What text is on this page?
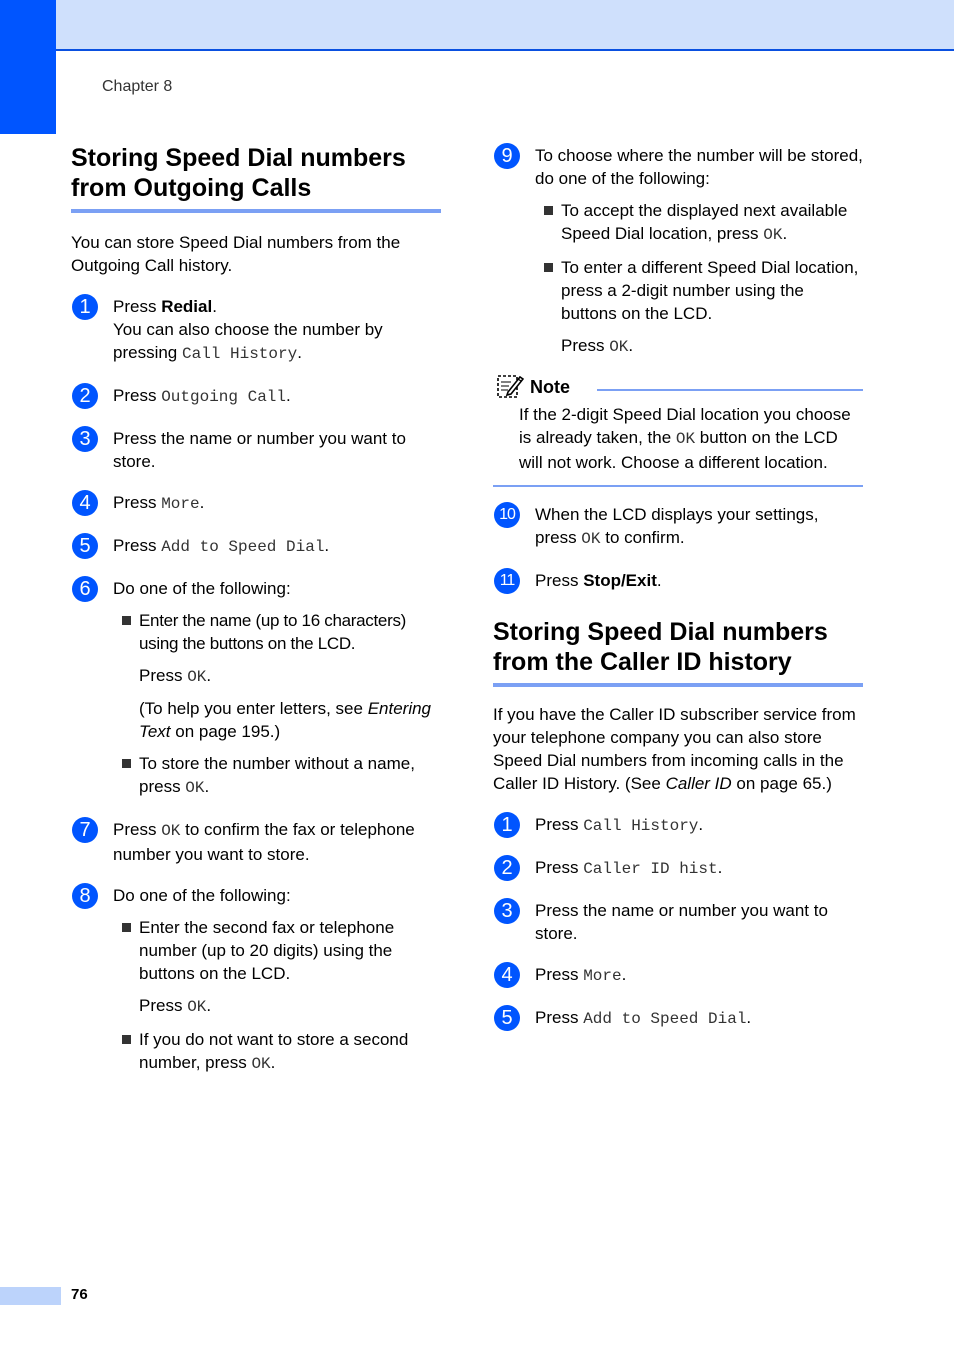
Chapter 8
Storing Speed Dial numbers from Outgoing Calls

You can store Speed Dial numbers from the Outgoing Call history.

1	Press Redial.
You can also choose the number by pressing Call History.
2	Press Outgoing Call.
3	Press the name or number you want to store.
4	Press More.
5	Press Add to Speed Dial.
6	Do one of the following:
Enter the name (up to 16 characters) using the buttons on the LCD.

Press OK.

(To help you enter letters, see Entering Text on page 195.)

To store the number without a name, press OK.
7	Press OK to confirm the fax or telephone number you want to store.
8	Do one of the following:
Enter the second fax or telephone number (up to 20 digits) using the buttons on the LCD.

Press OK.

If you do not want to store a second number, press OK.
9	To choose where the number will be stored, do one of the following:
To accept the displayed next available Speed Dial location, press OK.
To enter a different Speed Dial location, press a 2-digit number using the buttons on the LCD.

Press OK.

Note

If the 2-digit Speed Dial location you choose is already taken, the OK button on the LCD will not work. Choose a different location.

10	When the LCD displays your settings, press OK to confirm.
11	Press Stop/Exit.
Storing Speed Dial numbers from the Caller ID history

If you have the Caller ID subscriber service from your telephone company you can also store Speed Dial numbers from incoming calls in the Caller ID History. (See Caller ID on page 65.)

1	Press Call History.
2	Press Caller ID hist.
3	Press the name or number you want to store.
4	Press More.
5	Press Add to Speed Dial.
76
